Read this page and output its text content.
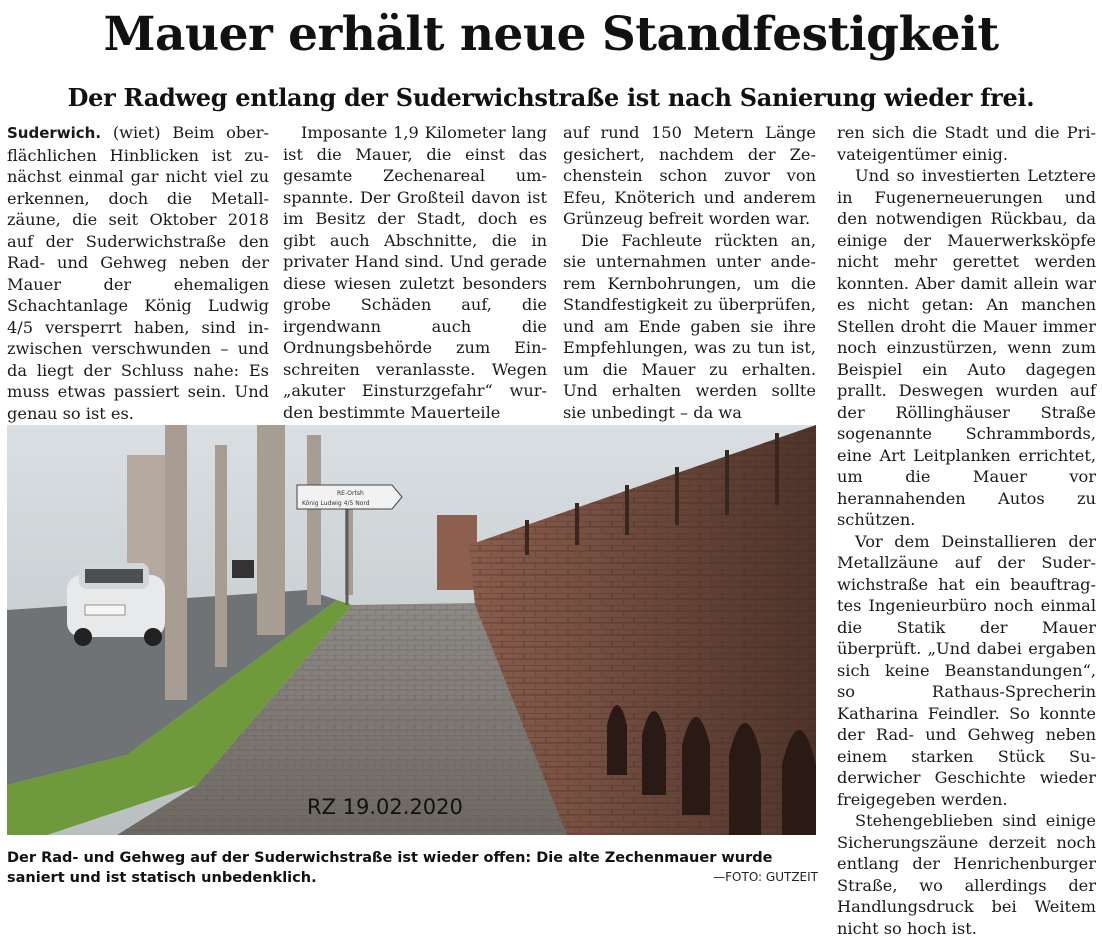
Mauer erhält neue Standfestigkeit
Der Radweg entlang der Suderwichstraße ist nach Sanierung wieder frei.

Suderwich. (wiet) Beim oberflächlichen Hinblicken ist zunächst einmal gar nicht viel zu erkennen, doch die Metallzäune, die seit Oktober 2018 auf der Suderwichstraße den Rad- und Gehweg neben der Mauer der ehemaligen Schachtanlage König Ludwig 4/5 versperrt haben, sind inzwischen verschwunden – und da liegt der Schluss nahe: Es muss etwas passiert sein. Und genau so ist es.

Imposante 1,9 Kilometer lang ist die Mauer, die einst das gesamte Zechenareal umspannte. Der Großteil davon ist im Besitz der Stadt, doch es gibt auch Abschnitte, die in privater Hand sind. Und gerade diese wiesen zuletzt besonders grobe Schäden auf, die irgendwann auch die Ordnungsbehörde zum Einschreiten veranlasste. Wegen „akuter Einsturzgefahr“ wurden bestimmte Mauerteile

auf rund 150 Metern Länge gesichert, nachdem der Zechenstein schon zuvor von Efeu, Knöterich und anderem Grünzeug befreit worden war.

Die Fachleute rückten an, sie unternahmen unter anderem Kernbohrungen, um die Standfestigkeit zu überprüfen, und am Ende gaben sie ihre Empfehlungen, was zu tun ist, um die Mauer zu erhalten. Und erhalten werden sollte sie unbedingt – da wa

ren sich die Stadt und die Privateigentümer einig.

Und so investierten Letztere in Fugenerneuerungen und den notwendigen Rückbau, da einige der Mauerwerksköpfe nicht mehr gerettet werden konnten. Aber damit allein war es nicht getan: An manchen Stellen droht die Mauer immer noch einzustürzen, wenn zum Beispiel ein Auto dagegen prallt. Deswegen wurden auf der Röllinghäuser Straße sogenannte Schrammbords, eine Art Leitplanken errichtet, um die Mauer vor herannahenden Autos zu schützen.

Vor dem Deinstallieren der Metallzäune auf der Suderwichstraße hat ein beauftragtes Ingenieurbüro noch einmal die Statik der Mauer überprüft. „Und dabei ergaben sich keine Beanstandungen“, so Rathaus-Sprecherin Katharina Feindler. So konnte der Rad- und Gehweg neben einem starken Stück Suderwicher Geschichte wieder freigegeben werden.

Stehengeblieben sind einige Sicherungszäune derzeit noch entlang der Henrichenburger Straße, wo allerdings der Handlungsdruck bei Weitem nicht so hoch ist.

RE-Ortsh
König Ludwig 4/5 Nord
RZ 19.02.2020

Der Rad- und Gehweg auf der Suderwichstraße ist wieder offen: Die alte Zechenmauer wurde saniert und ist statisch unbedenklich.	—FOTO: GUTZEIT
